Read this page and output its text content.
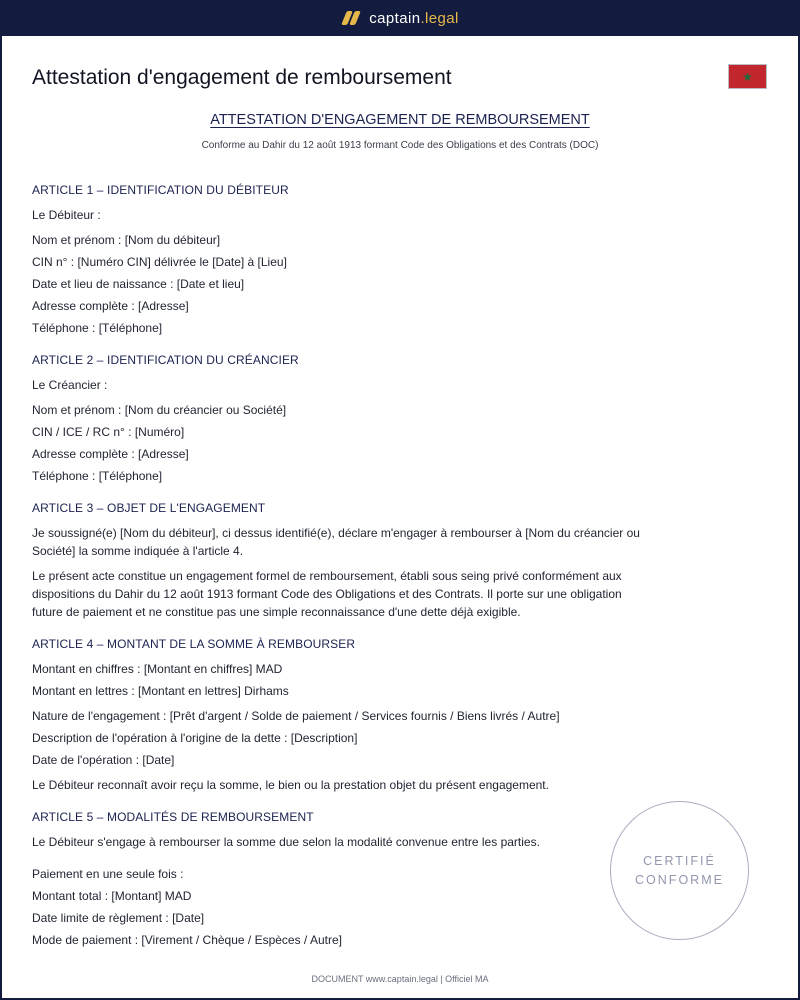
captain.legal
Attestation d'engagement de remboursement	★
ATTESTATION D'ENGAGEMENT DE REMBOURSEMENT
Conforme au Dahir du 12 août 1913 formant Code des Obligations et des Contrats (DOC)
ARTICLE 1 – IDENTIFICATION DU DÉBITEUR
Le Débiteur :
Nom et prénom : [Nom du débiteur]
CIN n° : [Numéro CIN] délivrée le [Date] à [Lieu]
Date et lieu de naissance : [Date et lieu]
Adresse complète : [Adresse]
Téléphone : [Téléphone]
ARTICLE 2 – IDENTIFICATION DU CRÉANCIER
Le Créancier :
Nom et prénom : [Nom du créancier ou Société]
CIN / ICE / RC n° : [Numéro]
Adresse complète : [Adresse]
Téléphone : [Téléphone]
ARTICLE 3 – OBJET DE L'ENGAGEMENT
Je soussigné(e) [Nom du débiteur], ci dessus identifié(e), déclare m'engager à rembourser à [Nom du créancier ou
Société] la somme indiquée à l'article 4.
Le présent acte constitue un engagement formel de remboursement, établi sous seing privé conformément aux
dispositions du Dahir du 12 août 1913 formant Code des Obligations et des Contrats. Il porte sur une obligation
future de paiement et ne constitue pas une simple reconnaissance d'une dette déjà exigible.
ARTICLE 4 – MONTANT DE LA SOMME À REMBOURSER
Montant en chiffres : [Montant en chiffres] MAD
Montant en lettres : [Montant en lettres] Dirhams
Nature de l'engagement : [Prêt d'argent / Solde de paiement / Services fournis / Biens livrés / Autre]
Description de l'opération à l'origine de la dette : [Description]
Date de l'opération : [Date]
Le Débiteur reconnaît avoir reçu la somme, le bien ou la prestation objet du présent engagement.
ARTICLE 5 – MODALITÉS DE REMBOURSEMENT
Le Débiteur s'engage à rembourser la somme due selon la modalité convenue entre les parties.
Paiement en une seule fois :
Montant total : [Montant] MAD
Date limite de règlement : [Date]
Mode de paiement : [Virement / Chèque / Espèces / Autre]
CERTIFIÉ
CONFORME
DOCUMENT www.captain.legal | Officiel MA
